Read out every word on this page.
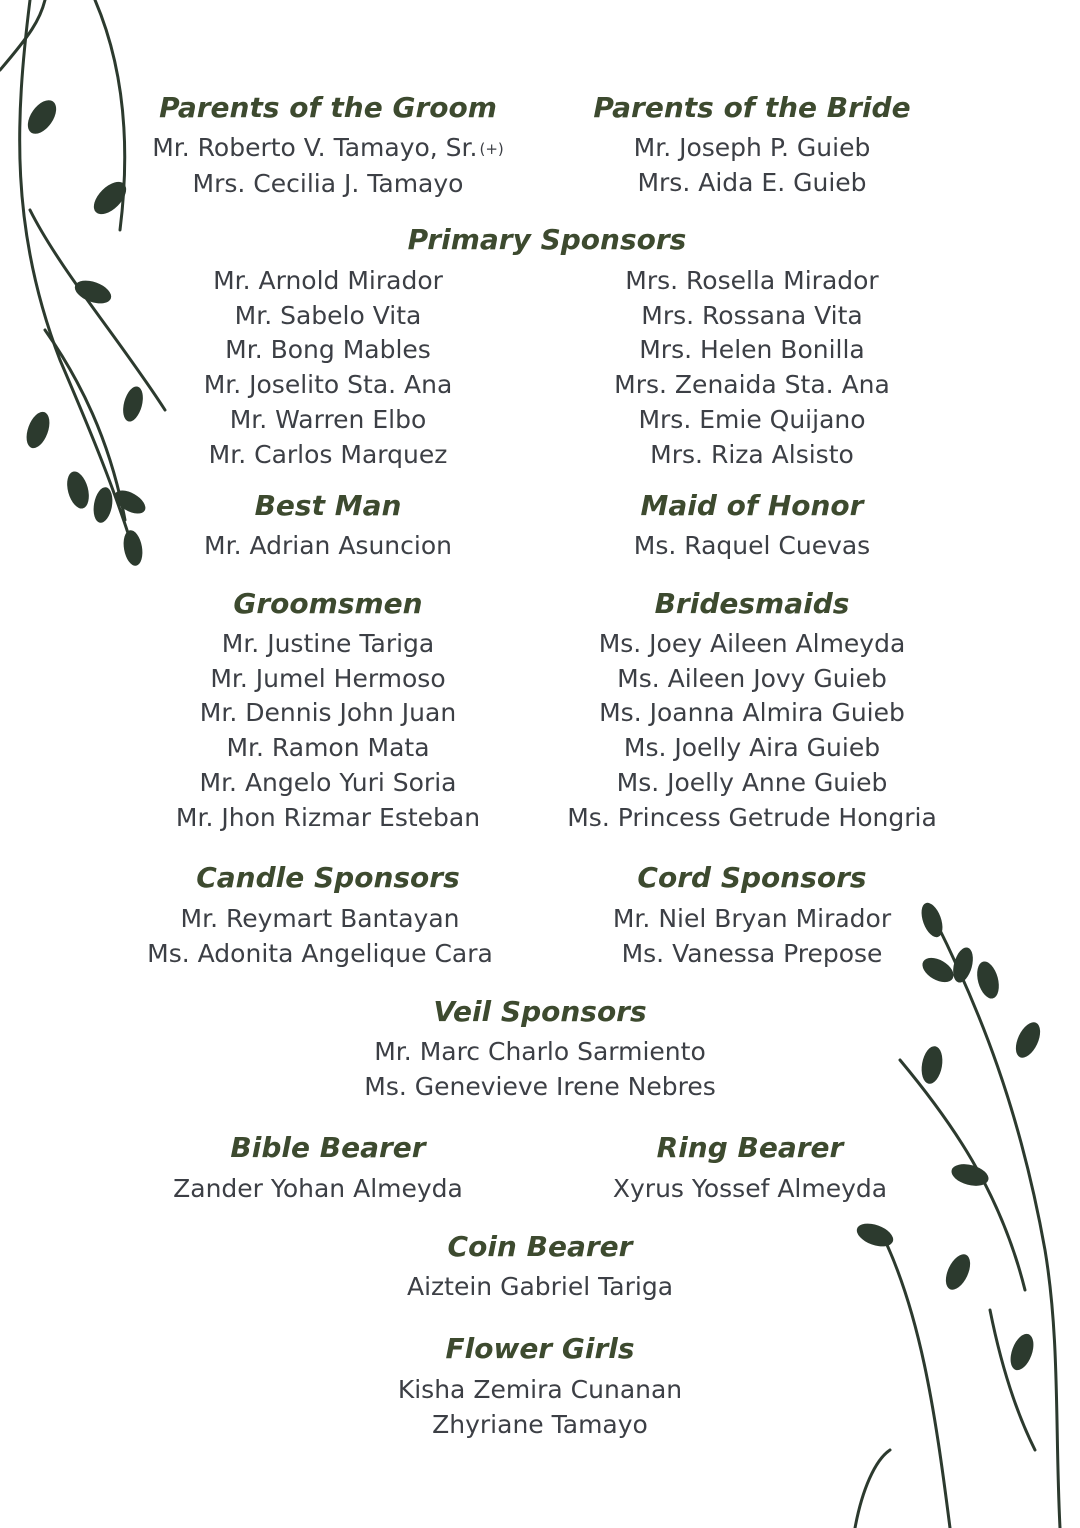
Parents of the Groom
Mr. Roberto V. Tamayo, Sr. (+)
Mrs. Cecilia J. Tamayo
Parents of the Bride
Mr. Joseph P. Guieb
Mrs. Aida E. Guieb
Primary Sponsors
Mr. Arnold Mirador
Mr. Sabelo Vita
Mr. Bong Mables
Mr. Joselito Sta. Ana
Mr. Warren Elbo
Mr. Carlos Marquez
Mrs. Rosella Mirador
Mrs. Rossana Vita
Mrs. Helen Bonilla
Mrs. Zenaida Sta. Ana
Mrs. Emie Quijano
Mrs. Riza Alsisto
Best Man
Mr. Adrian Asuncion
Maid of Honor
Ms. Raquel Cuevas
Groomsmen
Mr. Justine Tariga
Mr. Jumel Hermoso
Mr. Dennis John Juan
Mr. Ramon Mata
Mr. Angelo Yuri Soria
Mr. Jhon Rizmar Esteban
Bridesmaids
Ms. Joey Aileen Almeyda
Ms. Aileen Jovy Guieb
Ms. Joanna Almira Guieb
Ms. Joelly Aira Guieb
Ms. Joelly Anne Guieb
Ms. Princess Getrude Hongria
Candle Sponsors
Mr. Reymart Bantayan
Ms. Adonita Angelique Cara
Cord Sponsors
Mr. Niel Bryan Mirador
Ms. Vanessa Prepose
Veil Sponsors
Mr. Marc Charlo Sarmiento
Ms. Genevieve Irene Nebres
Bible Bearer
Zander Yohan Almeyda
Ring Bearer
Xyrus Yossef Almeyda
Coin Bearer
Aiztein Gabriel Tariga
Flower Girls
Kisha Zemira Cunanan
Zhyriane Tamayo
